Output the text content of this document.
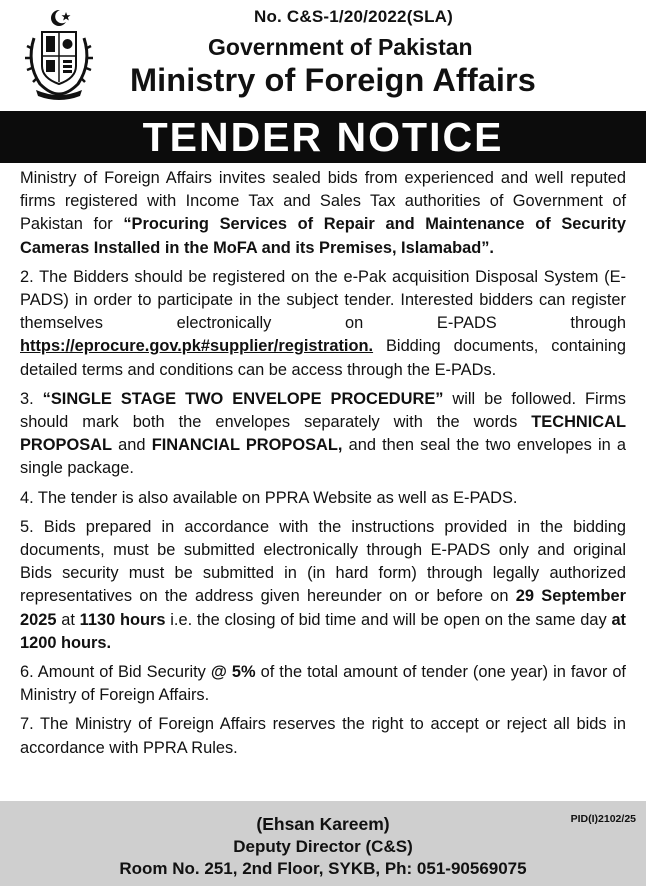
No. C&S-1/20/2022(SLA)
Government of Pakistan
Ministry of Foreign Affairs
TENDER NOTICE

Ministry of Foreign Affairs invites sealed bids from experienced and well reputed firms registered with Income Tax and Sales Tax authorities of Government of Pakistan for “Procuring Services of Repair and Maintenance of Security Cameras Installed in the MoFA and its Premises, Islamabad”.

2. The Bidders should be registered on the e-Pak acquisition Disposal System (E-PADS) in order to participate in the subject tender. Interested bidders can register themselves electronically on E-PADS through https://eprocure.gov.pk#supplier/registration. Bidding documents, containing detailed terms and conditions can be access through the E-PADs.

3. “SINGLE STAGE TWO ENVELOPE PROCEDURE” will be followed. Firms should mark both the envelopes separately with the words TECHNICAL PROPOSAL and FINANCIAL PROPOSAL, and then seal the two envelopes in a single package.

4. The tender is also available on PPRA Website as well as E-PADS.

5. Bids prepared in accordance with the instructions provided in the bidding documents, must be submitted electronically through E-PADS only and original Bids security must be submitted in (in hard form) through legally authorized representatives on the address given hereunder on or before on 29 September 2025 at 1130 hours i.e. the closing of bid time and will be open on the same day at 1200 hours.

6. Amount of Bid Security @ 5% of the total amount of tender (one year) in favor of Ministry of Foreign Affairs.

7. The Ministry of Foreign Affairs reserves the right to accept or reject all bids in accordance with PPRA Rules.

PID(I)2102/25
(Ehsan Kareem)
Deputy Director (C&S)
Room No. 251, 2nd Floor, SYKB, Ph: 051-90569075
